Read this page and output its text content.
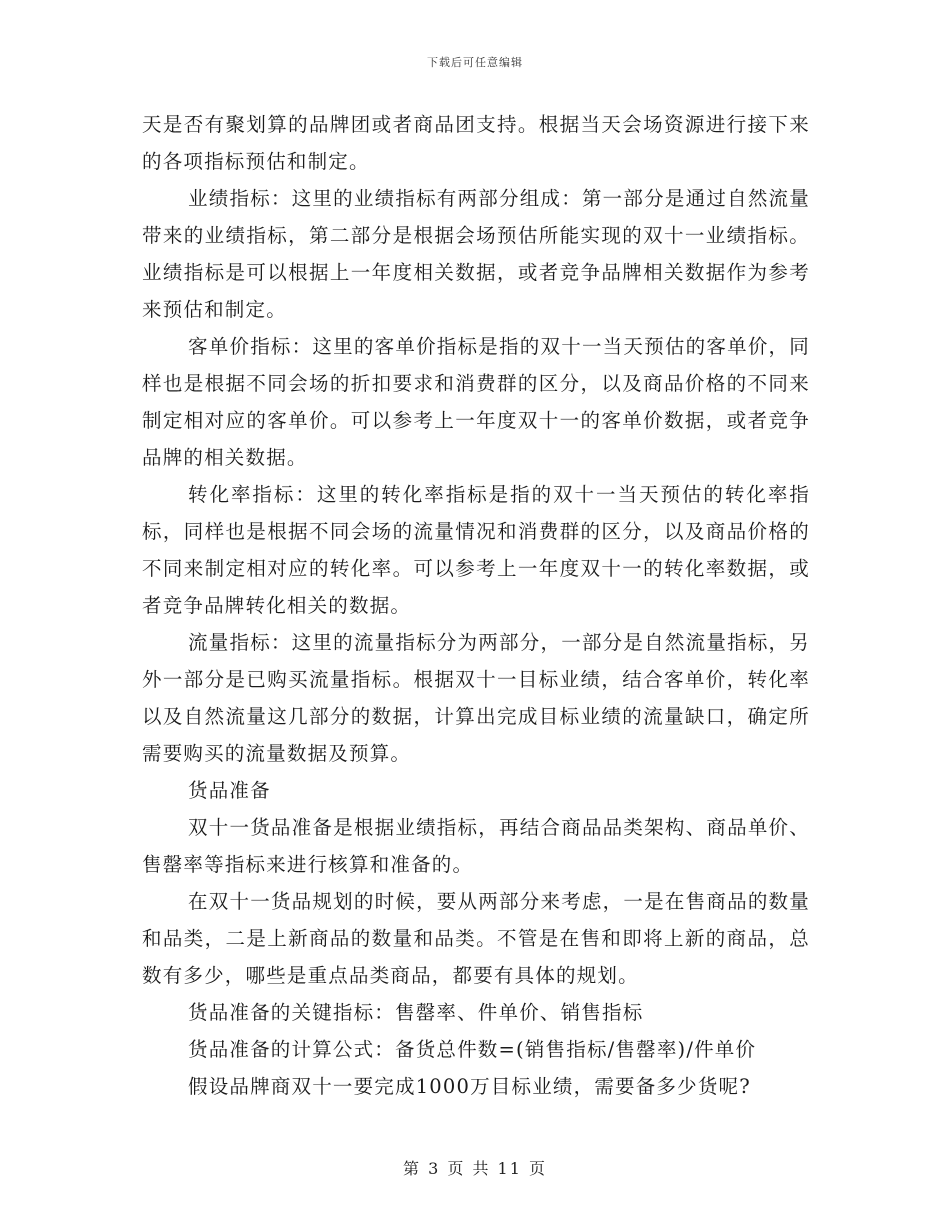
下载后可任意编辑

天是否有聚划算的品牌团或者商品团支持。根据当天会场资源进行接下来的各项指标预估和制定。

业绩指标：这里的业绩指标有两部分组成：第一部分是通过自然流量带来的业绩指标，第二部分是根据会场预估所能实现的双十一业绩指标。业绩指标是可以根据上一年度相关数据，或者竞争品牌相关数据作为参考来预估和制定。

客单价指标：这里的客单价指标是指的双十一当天预估的客单价，同样也是根据不同会场的折扣要求和消费群的区分，以及商品价格的不同来制定相对应的客单价。可以参考上一年度双十一的客单价数据，或者竞争品牌的相关数据。

转化率指标：这里的转化率指标是指的双十一当天预估的转化率指标，同样也是根据不同会场的流量情况和消费群的区分，以及商品价格的不同来制定相对应的转化率。可以参考上一年度双十一的转化率数据，或者竞争品牌转化相关的数据。

流量指标：这里的流量指标分为两部分，一部分是自然流量指标，另外一部分是已购买流量指标。根据双十一目标业绩，结合客单价，转化率以及自然流量这几部分的数据，计算出完成目标业绩的流量缺口，确定所需要购买的流量数据及预算。

货品准备

双十一货品准备是根据业绩指标，再结合商品品类架构、商品单价、售罄率等指标来进行核算和准备的。

在双十一货品规划的时候，要从两部分来考虑，一是在售商品的数量和品类，二是上新商品的数量和品类。不管是在售和即将上新的商品，总数有多少，哪些是重点品类商品，都要有具体的规划。

货品准备的关键指标：售罄率、件单价、销售指标

货品准备的计算公式：备货总件数=(销售指标/售罄率)/件单价

假设品牌商双十一要完成1000万目标业绩，需要备多少货呢?

第 3 页 共 11 页
